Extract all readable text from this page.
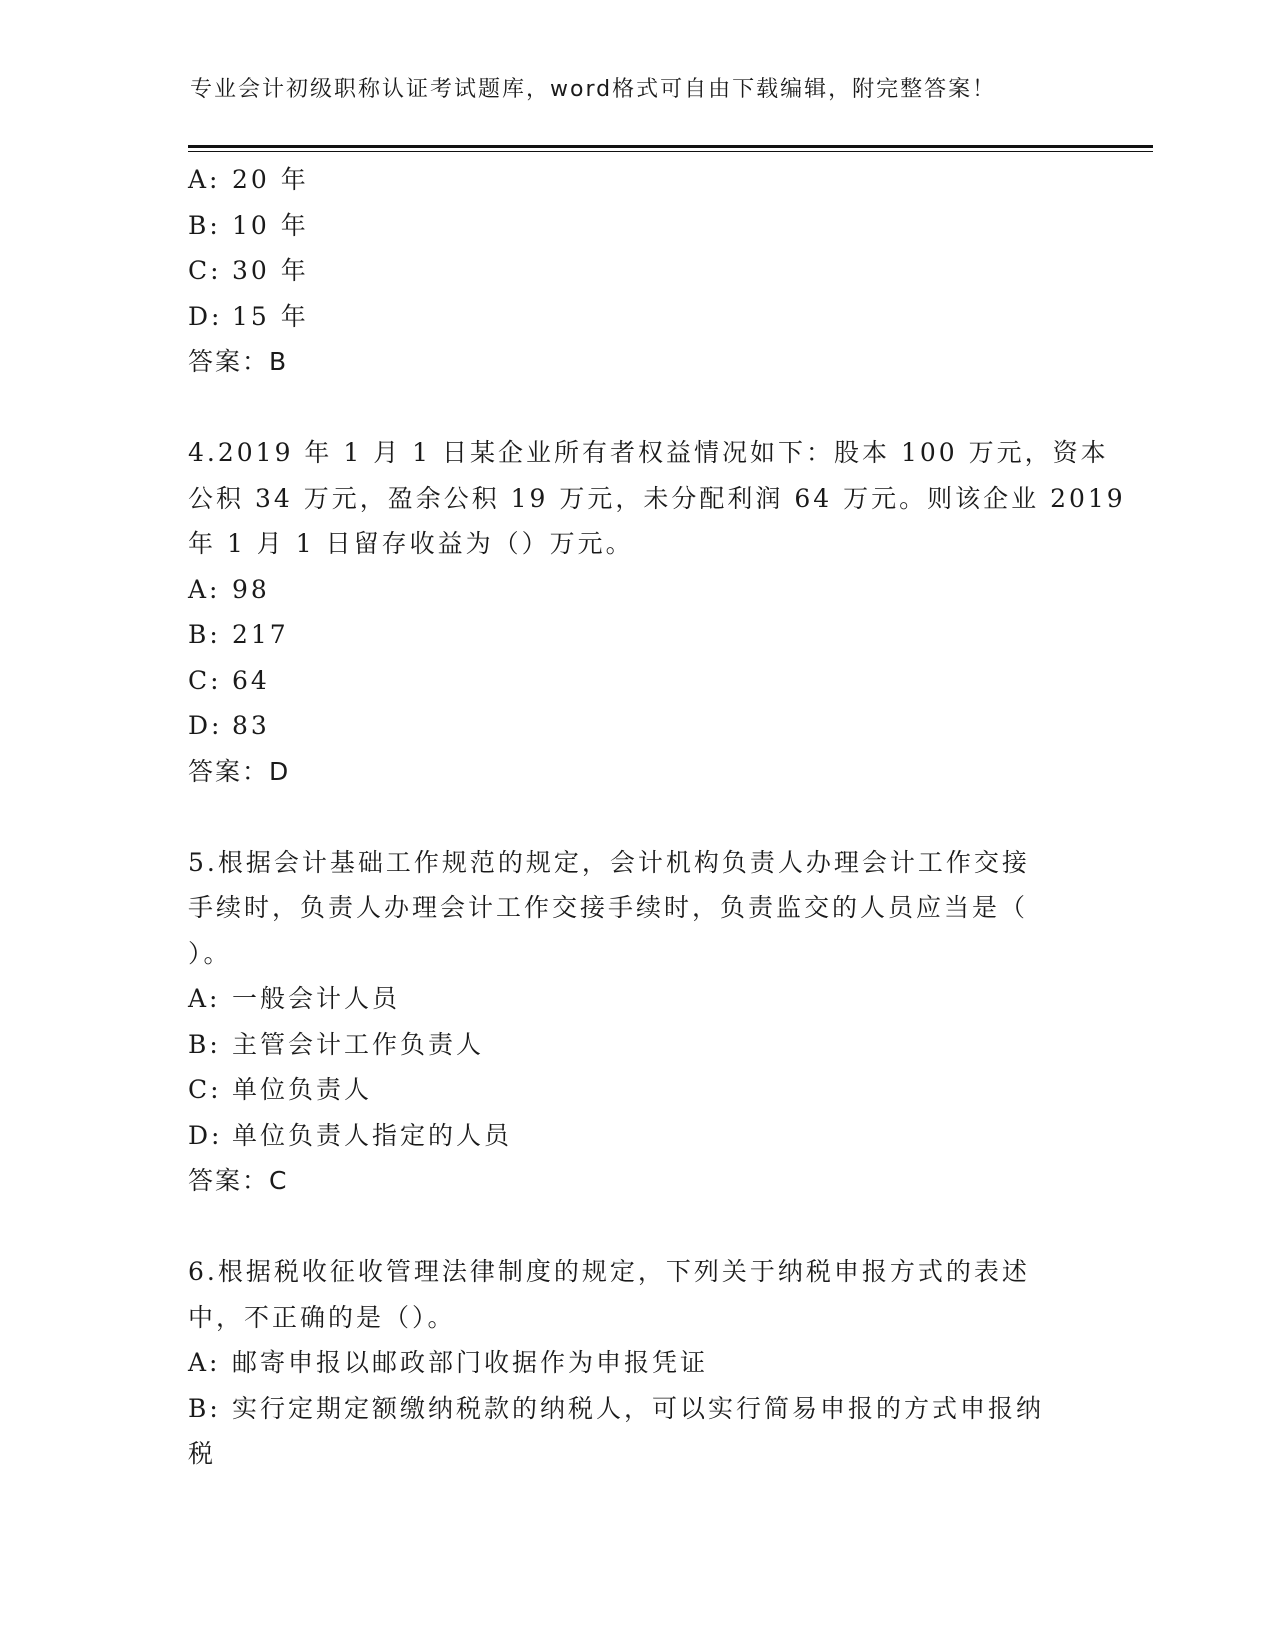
专业会计初级职称认证考试题库，word格式可自由下载编辑，附完整答案！
A: 20 年
B: 10 年
C: 30 年
D: 15 年
答案：B
4.2019 年 1 月 1 日某企业所有者权益情况如下：股本 100 万元，资本
公积 34 万元，盈余公积 19 万元，未分配利润 64 万元。则该企业 2019
年 1 月 1 日留存收益为（）万元。
A: 98
B: 217
C: 64
D: 83
答案：D
5.根据会计基础工作规范的规定，会计机构负责人办理会计工作交接
手续时，负责人办理会计工作交接手续时，负责监交的人员应当是（
）。
A: 一般会计人员
B: 主管会计工作负责人
C: 单位负责人
D: 单位负责人指定的人员
答案：C
6.根据税收征收管理法律制度的规定，下列关于纳税申报方式的表述
中，不正确的是（）。
A: 邮寄申报以邮政部门收据作为申报凭证
B: 实行定期定额缴纳税款的纳税人，可以实行简易申报的方式申报纳
税
